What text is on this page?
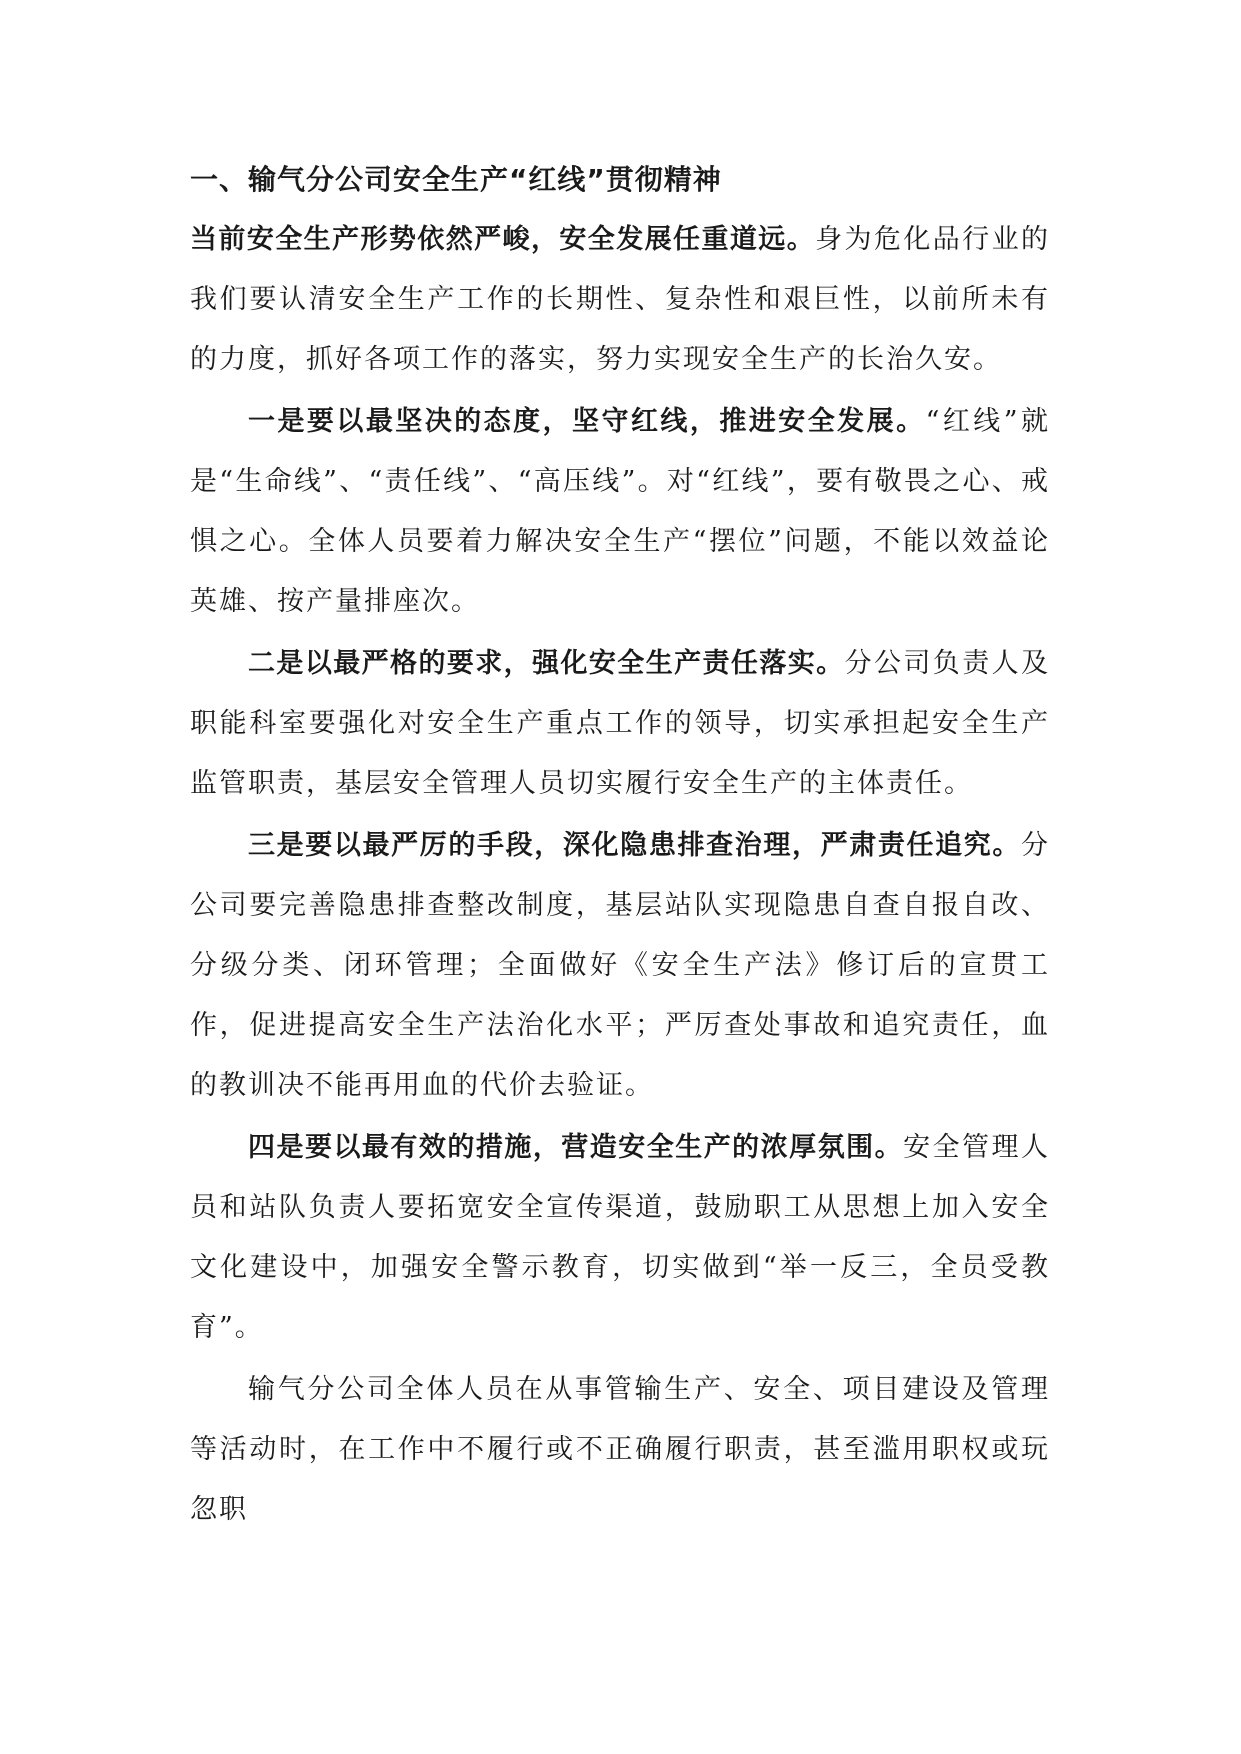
一、输气分公司安全生产“红线”贯彻精神

当前安全生产形势依然严峻，安全发展任重道远。身为危化品行业的我们要认清安全生产工作的长期性、复杂性和艰巨性，以前所未有的力度，抓好各项工作的落实，努力实现安全生产的长治久安。

一是要以最坚决的态度，坚守红线，推进安全发展。“红线”就是“生命线”、“责任线”、“高压线”。对“红线”，要有敬畏之心、戒惧之心。全体人员要着力解决安全生产“摆位”问题，不能以效益论英雄、按产量排座次。

二是以最严格的要求，强化安全生产责任落实。分公司负责人及职能科室要强化对安全生产重点工作的领导，切实承担起安全生产监管职责，基层安全管理人员切实履行安全生产的主体责任。

三是要以最严厉的手段，深化隐患排查治理，严肃责任追究。分公司要完善隐患排查整改制度，基层站队实现隐患自查自报自改、分级分类、闭环管理；全面做好《安全生产法》修订后的宣贯工作，促进提高安全生产法治化水平；严厉查处事故和追究责任，血的教训决不能再用血的代价去验证。

四是要以最有效的措施，营造安全生产的浓厚氛围。安全管理人员和站队负责人要拓宽安全宣传渠道，鼓励职工从思想上加入安全文化建设中，加强安全警示教育，切实做到“举一反三，全员受教育”。

输气分公司全体人员在从事管输生产、安全、项目建设及管理等活动时，在工作中不履行或不正确履行职责，甚至滥用职权或玩忽职
